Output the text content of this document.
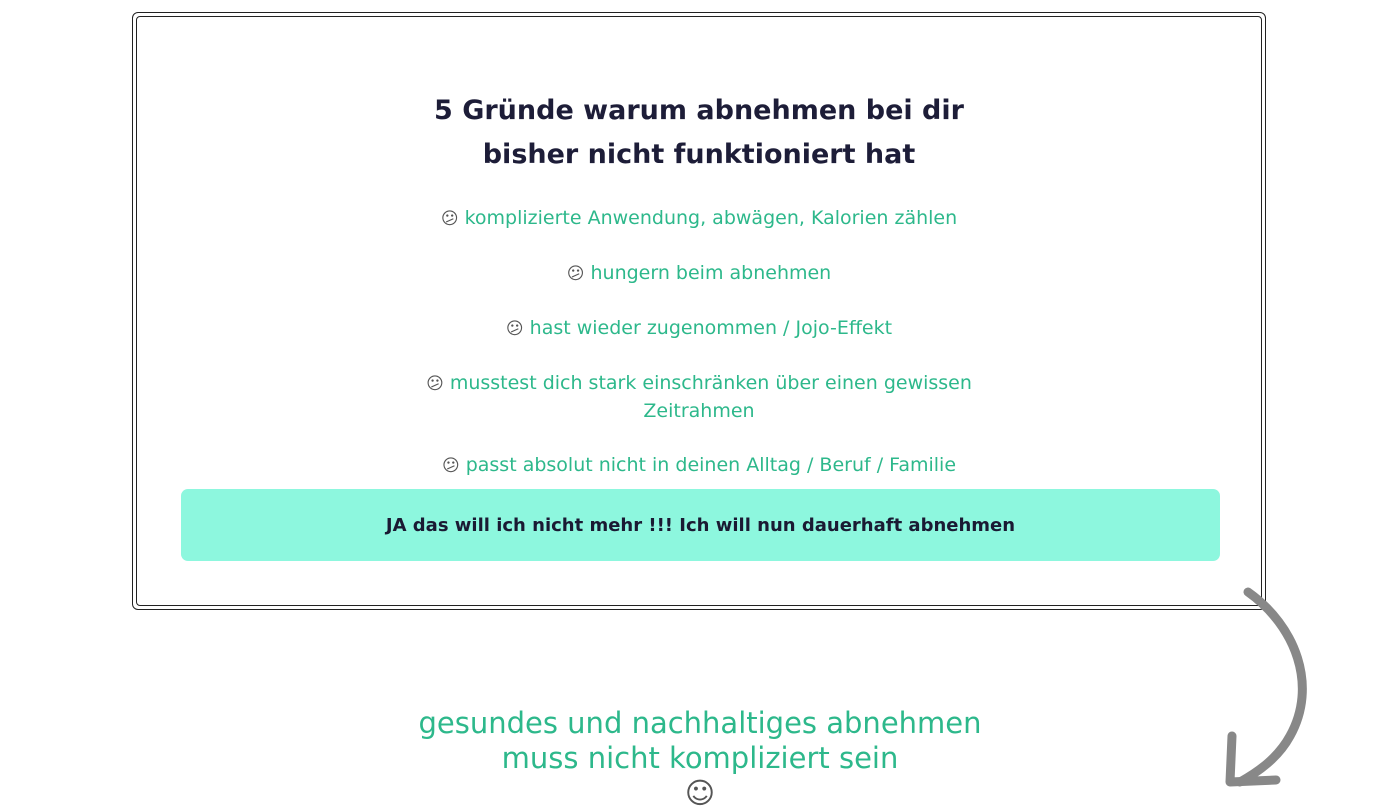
5 Gründe warum abnehmen bei dir
bisher nicht funktioniert hat
😕 komplizierte Anwendung, abwägen, Kalorien zählen
😕 hungern beim abnehmen
😕 hast wieder zugenommen / Jojo-Effekt
😕 musstest dich stark einschränken über einen gewissen Zeitrahmen
😕 passt absolut nicht in deinen Alltag / Beruf / Familie
JA das will ich nicht mehr !!! Ich will nun dauerhaft abnehmen
gesundes und nachhaltiges abnehmen
muss nicht kompliziert sein
☺
